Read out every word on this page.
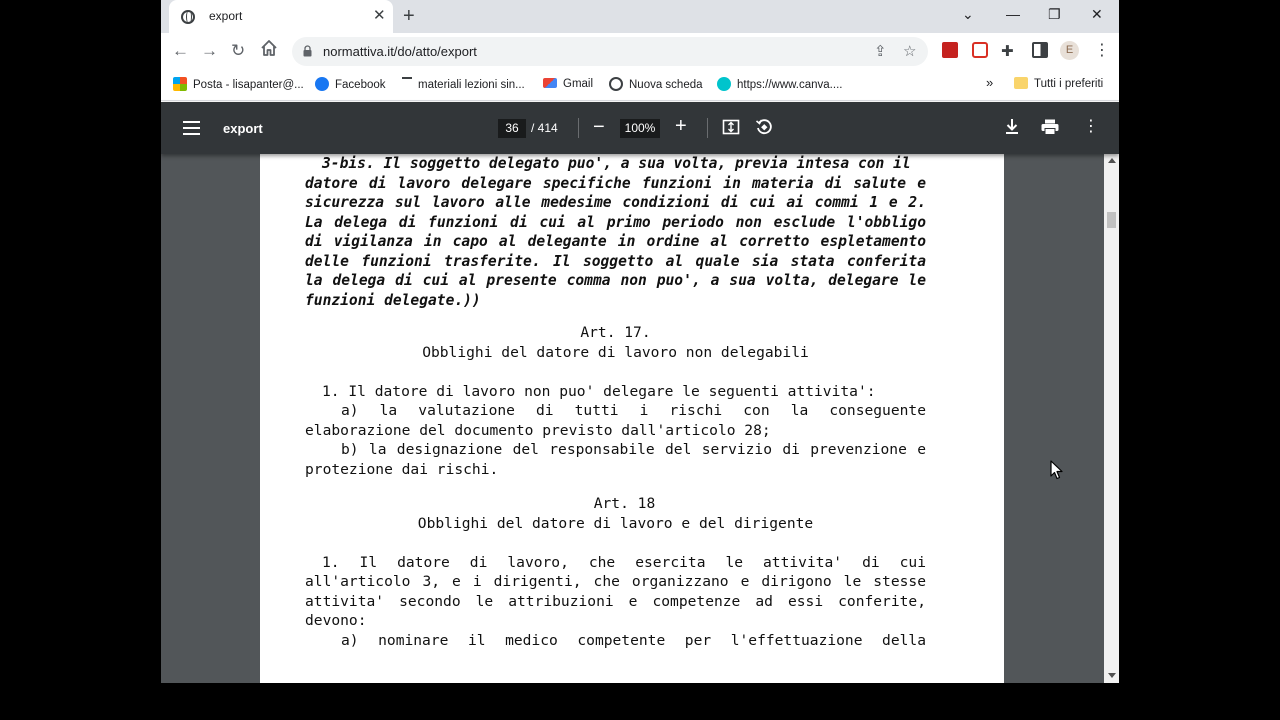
export	✕ +	⌄ — ❐ ✕
← → ↻	normattiva.it/do/atto/export	⇪ ☆	✚	E	⋮
Posta - lisapanter@...	Facebook	materiali lezioni sin...	Gmail	Nuova scheda	https://www.canva....	»	Tutti i preferiti
export	36	/ 414 −	100% +	⋮
3-bis. Il soggetto delegato puo', a sua volta, previa intesa con il
datore di lavoro delegare specifiche funzioni in materia di salute e
sicurezza sul lavoro alle medesime condizioni di cui ai commi 1 e 2.
La delega di funzioni di cui al primo periodo non esclude l'obbligo
di vigilanza in capo al delegante in ordine al corretto espletamento
delle funzioni trasferite. Il soggetto al quale sia stata conferita
la delega di cui al presente comma non puo', a sua volta, delegare le
funzioni delegate.))
Art. 17.
Obblighi del datore di lavoro non delegabili
1. Il datore di lavoro non puo' delegare le seguenti attivita':
a) la valutazione di tutti i rischi con la conseguente
elaborazione del documento previsto dall'articolo 28;
b) la designazione del responsabile del servizio di prevenzione e
protezione dai rischi.
Art. 18
Obblighi del datore di lavoro e del dirigente
1. Il datore di lavoro, che esercita le attivita' di cui
all'articolo 3, e i dirigenti, che organizzano e dirigono le stesse
attivita' secondo le attribuzioni e competenze ad essi conferite,
devono:
a) nominare il medico competente per l'effettuazione della
